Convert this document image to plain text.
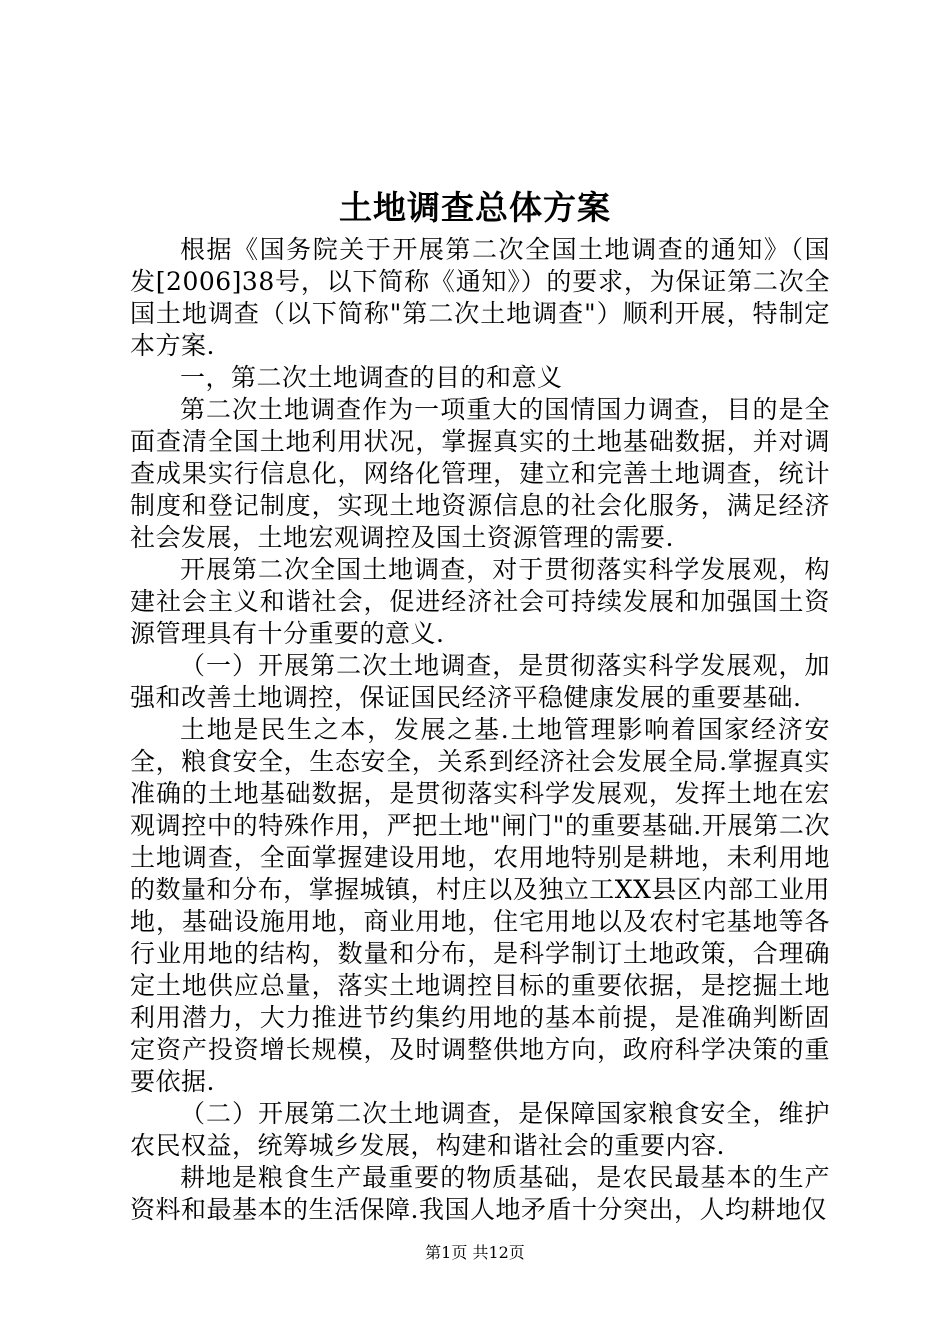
土地调查总体方案

根据《国务院关于开展第二次全国土地调查的通知》（国发[2006]38号，以下简称《通知》）的要求，为保证第二次全国土地调查（以下简称"第二次土地调查"）顺利开展，特制定本方案.

一，第二次土地调查的目的和意义

第二次土地调查作为一项重大的国情国力调查，目的是全面查清全国土地利用状况，掌握真实的土地基础数据，并对调查成果实行信息化，网络化管理，建立和完善土地调查，统计制度和登记制度，实现土地资源信息的社会化服务，满足经济社会发展，土地宏观调控及国土资源管理的需要.

开展第二次全国土地调查，对于贯彻落实科学发展观，构建社会主义和谐社会，促进经济社会可持续发展和加强国土资源管理具有十分重要的意义.

（一）开展第二次土地调查，是贯彻落实科学发展观，加强和改善土地调控，保证国民经济平稳健康发展的重要基础.

土地是民生之本，发展之基.土地管理影响着国家经济安全，粮食安全，生态安全，关系到经济社会发展全局.掌握真实准确的土地基础数据，是贯彻落实科学发展观，发挥土地在宏观调控中的特殊作用，严把土地"闸门"的重要基础.开展第二次土地调查，全面掌握建设用地，农用地特别是耕地，未利用地的数量和分布，掌握城镇，村庄以及独立工XX县区内部工业用地，基础设施用地，商业用地，住宅用地以及农村宅基地等各行业用地的结构，数量和分布，是科学制订土地政策，合理确定土地供应总量，落实土地调控目标的重要依据，是挖掘土地利用潜力，大力推进节约集约用地的基本前提，是准确判断固定资产投资增长规模，及时调整供地方向，政府科学决策的重要依据.

（二）开展第二次土地调查，是保障国家粮食安全，维护农民权益，统筹城乡发展，构建和谐社会的重要内容.

耕地是粮食生产最重要的物质基础，是农民最基本的生产资料和最基本的生活保障.我国人地矛盾十分突出，人均耕地仅

第1页 共12页
